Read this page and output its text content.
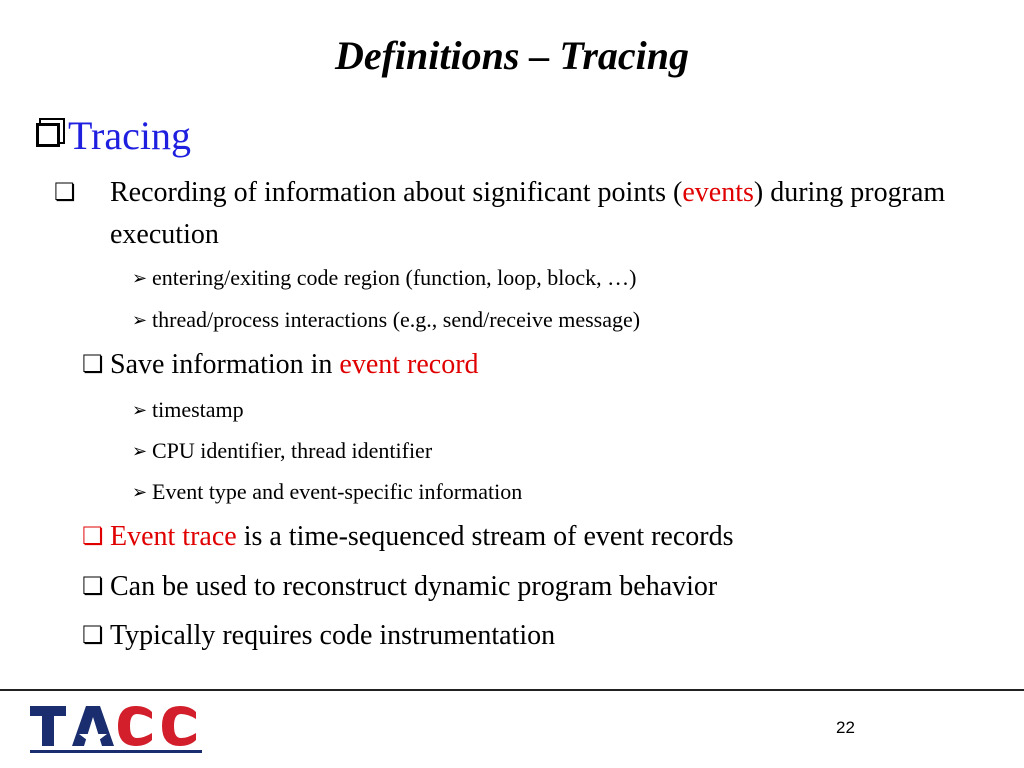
Definitions – Tracing
Tracing
❏ Recording of information about significant points (events) during program execution
➢ entering/exiting code region (function, loop, block, …)
➢ thread/process interactions (e.g., send/receive message)
❏ Save information in event record
➢ timestamp
➢ CPU identifier, thread identifier
➢ Event type and event-specific information
❏ Event trace is a time-sequenced stream of event records
❏ Can be used to reconstruct dynamic program behavior
❏ Typically requires code instrumentation
22
